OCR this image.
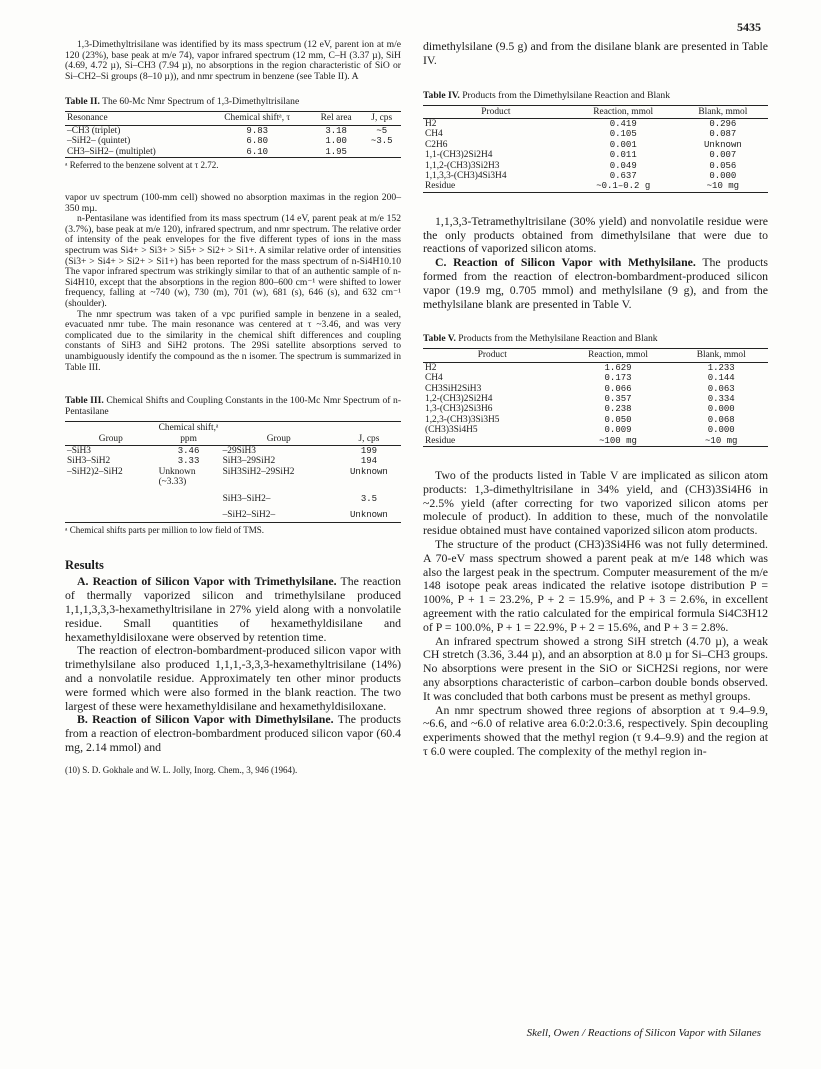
5435

1,3-Dimethyltrisilane was identified by its mass spectrum (12 eV, parent ion at m/e 120 (23%), base peak at m/e 74), vapor infrared spectrum (12 mm, C–H (3.37 µ), SiH (4.69, 4.72 µ), Si–CH3 (7.94 µ), no absorptions in the region characteristic of SiO or Si–CH2–Si groups (8–10 µ)), and nmr spectrum in benzene (see Table II). A

Table II. The 60-Mc Nmr Spectrum of 1,3-Dimethyltrisilane

Resonance	Chemical shiftᵃ, τ	Rel area	J, cps
–CH3 (triplet)	9.83	3.18	~5
–SiH2– (quintet)	6.80	1.00	~3.5
CH3–SiH2– (multiplet)	6.10	1.95	

ᵃ Referred to the benzene solvent at τ 2.72.

vapor uv spectrum (100-mm cell) showed no absorption maximas in the region 200–350 mµ.

n-Pentasilane was identified from its mass spectrum (14 eV, parent peak at m/e 152 (3.7%), base peak at m/e 120), infrared spectrum, and nmr spectrum. The relative order of intensity of the peak envelopes for the five different types of ions in the mass spectrum was Si4+ > Si3+ > Si5+ > Si2+ > Si1+. A similar relative order of intensities (Si3+ > Si4+ > Si2+ > Si1+) has been reported for the mass spectrum of n-Si4H10.10 The vapor infrared spectrum was strikingly similar to that of an authentic sample of n-Si4H10, except that the absorptions in the region 800–600 cm⁻¹ were shifted to lower frequency, falling at ~740 (w), 730 (m), 701 (w), 681 (s), 646 (s), and 632 cm⁻¹ (shoulder).

The nmr spectrum was taken of a vpc purified sample in benzene in a sealed, evacuated nmr tube. The main resonance was centered at τ ~3.46, and was very complicated due to the similarity in the chemical shift differences and coupling constants of SiH3 and SiH2 protons. The 29Si satellite absorptions served to unambiguously identify the compound as the n isomer. The spectrum is summarized in Table III.

Table III. Chemical Shifts and Coupling Constants in the 100-Mc Nmr Spectrum of n-Pentasilane

Group	Chemical shift,ᵃ ppm	Group	J, cps
–SiH3	3.46	–29SiH3	199
SiH3–SiH2	3.33	SiH3–29SiH2	194
–SiH2)2–SiH2	Unknown (~3.33)	SiH3SiH2–29SiH2	Unknown
		SiH3–SiH2–	3.5
		–SiH2–SiH2–	Unknown

ᵃ Chemical shifts parts per million to low field of TMS.

Results

A. Reaction of Silicon Vapor with Trimethylsilane. The reaction of thermally vaporized silicon and trimethylsilane produced 1,1,1,3,3,3-hexamethyltrisilane in 27% yield along with a nonvolatile residue. Small quantities of hexamethyldisilane and hexamethyldisiloxane were observed by retention time.

The reaction of electron-bombardment-produced silicon vapor with trimethylsilane also produced 1,1,1,-3,3,3-hexamethyltrisilane (14%) and a nonvolatile residue. Approximately ten other minor products were formed which were also formed in the blank reaction. The two largest of these were hexamethyldisilane and hexamethyldisiloxane.

B. Reaction of Silicon Vapor with Dimethylsilane. The products from a reaction of electron-bombardment produced silicon vapor (60.4 mg, 2.14 mmol) and

(10) S. D. Gokhale and W. L. Jolly, Inorg. Chem., 3, 946 (1964).

dimethylsilane (9.5 g) and from the disilane blank are presented in Table IV.

Table IV. Products from the Dimethylsilane Reaction and Blank

Product	Reaction, mmol	Blank, mmol
H2	0.419	0.296
CH4	0.105	0.087
C2H6	0.001	Unknown
1,1-(CH3)2Si2H4	0.011	0.007
1,1,2-(CH3)3Si2H3	0.049	0.056
1,1,3,3-(CH3)4Si3H4	0.637	0.000
Residue	~0.1–0.2 g	~10 mg

1,1,3,3-Tetramethyltrisilane (30% yield) and nonvolatile residue were the only products obtained from dimethylsilane that were due to reactions of vaporized silicon atoms.

C. Reaction of Silicon Vapor with Methylsilane. The products formed from the reaction of electron-bombardment-produced silicon vapor (19.9 mg, 0.705 mmol) and methylsilane (9 g), and from the methylsilane blank are presented in Table V.

Table V. Products from the Methylsilane Reaction and Blank

Product	Reaction, mmol	Blank, mmol
H2	1.629	1.233
CH4	0.173	0.144
CH3SiH2SiH3	0.066	0.063
1,2-(CH3)2Si2H4	0.357	0.334
1,3-(CH3)2Si3H6	0.238	0.000
1,2,3-(CH3)3Si3H5	0.050	0.068
(CH3)3Si4H5	0.009	0.000
Residue	~100 mg	~10 mg

Two of the products listed in Table V are implicated as silicon atom products: 1,3-dimethyltrisilane in 34% yield, and (CH3)3Si4H6 in ~2.5% yield (after correcting for two vaporized silicon atoms per molecule of product). In addition to these, much of the nonvolatile residue obtained must have contained vaporized silicon atom products.

The structure of the product (CH3)3Si4H6 was not fully determined. A 70-eV mass spectrum showed a parent peak at m/e 148 which was also the largest peak in the spectrum. Computer measurement of the m/e 148 isotope peak areas indicated the relative isotope distribution P = 100%, P + 1 = 23.2%, P + 2 = 15.9%, and P + 3 = 2.6%, in excellent agreement with the ratio calculated for the empirical formula Si4C3H12 of P = 100.0%, P + 1 = 22.9%, P + 2 = 15.6%, and P + 3 = 2.8%.

An infrared spectrum showed a strong SiH stretch (4.70 µ), a weak CH stretch (3.36, 3.44 µ), and an absorption at 8.0 µ for Si–CH3 groups. No absorptions were present in the SiO or SiCH2Si regions, nor were any absorptions characteristic of carbon–carbon double bonds observed. It was concluded that both carbons must be present as methyl groups.

An nmr spectrum showed three regions of absorption at τ 9.4–9.9, ~6.6, and ~6.0 of relative area 6.0:2.0:3.6, respectively. Spin decoupling experiments showed that the methyl region (τ 9.4–9.9) and the region at τ 6.0 were coupled. The complexity of the methyl region in-

Skell, Owen / Reactions of Silicon Vapor with Silanes
